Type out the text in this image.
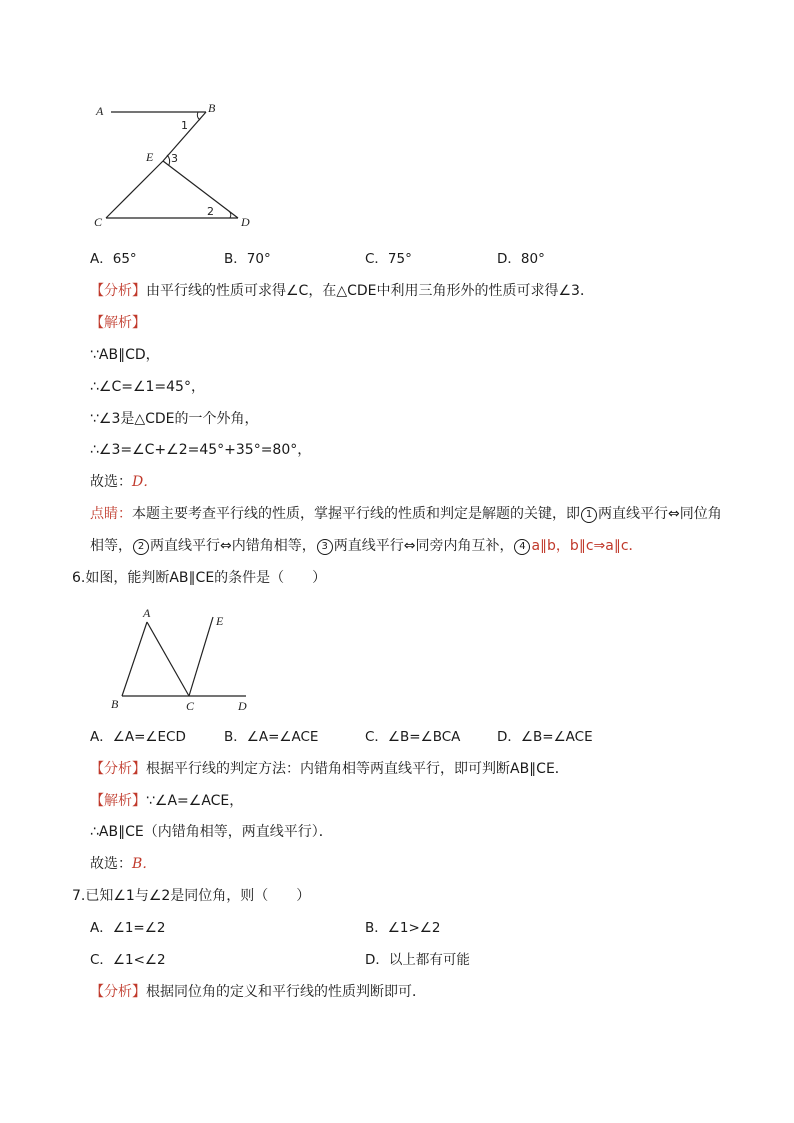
A	B
E
C	D
1
3
2
A．65°	B．70°	C．75°	D．80°
【分析】由平行线的性质可求得∠C，在△CDE中利用三角形外的性质可求得∠3．
【解析】
∵AB∥CD，
∴∠C=∠1=45°，
∵∠3是△CDE的一个外角，
∴∠3=∠C+∠2=45°+35°=80°，
故选：D．
点睛：本题主要考查平行线的性质，掌握平行线的性质和判定是解题的关键，即 1 两直线平行⇔同位角
相等， 2 两直线平行⇔内错角相等， 3 两直线平行⇔同旁内角互补， 4 a∥b，b∥c⇒a∥c．
6.如图，能判断AB∥CE的条件是（　　）
A
E
B	C	D
A．∠A=∠ECD	B．∠A=∠ACE	C．∠B=∠BCA	D．∠B=∠ACE
【分析】根据平行线的判定方法：内错角相等两直线平行，即可判断AB∥CE．
【解析】∵∠A=∠ACE，
∴AB∥CE（内错角相等，两直线平行）．
故选：B．
7.已知∠1与∠2是同位角，则（　　）
A．∠1=∠2	B．∠1>∠2
C．∠1<∠2	D．以上都有可能
【分析】根据同位角的定义和平行线的性质判断即可．
